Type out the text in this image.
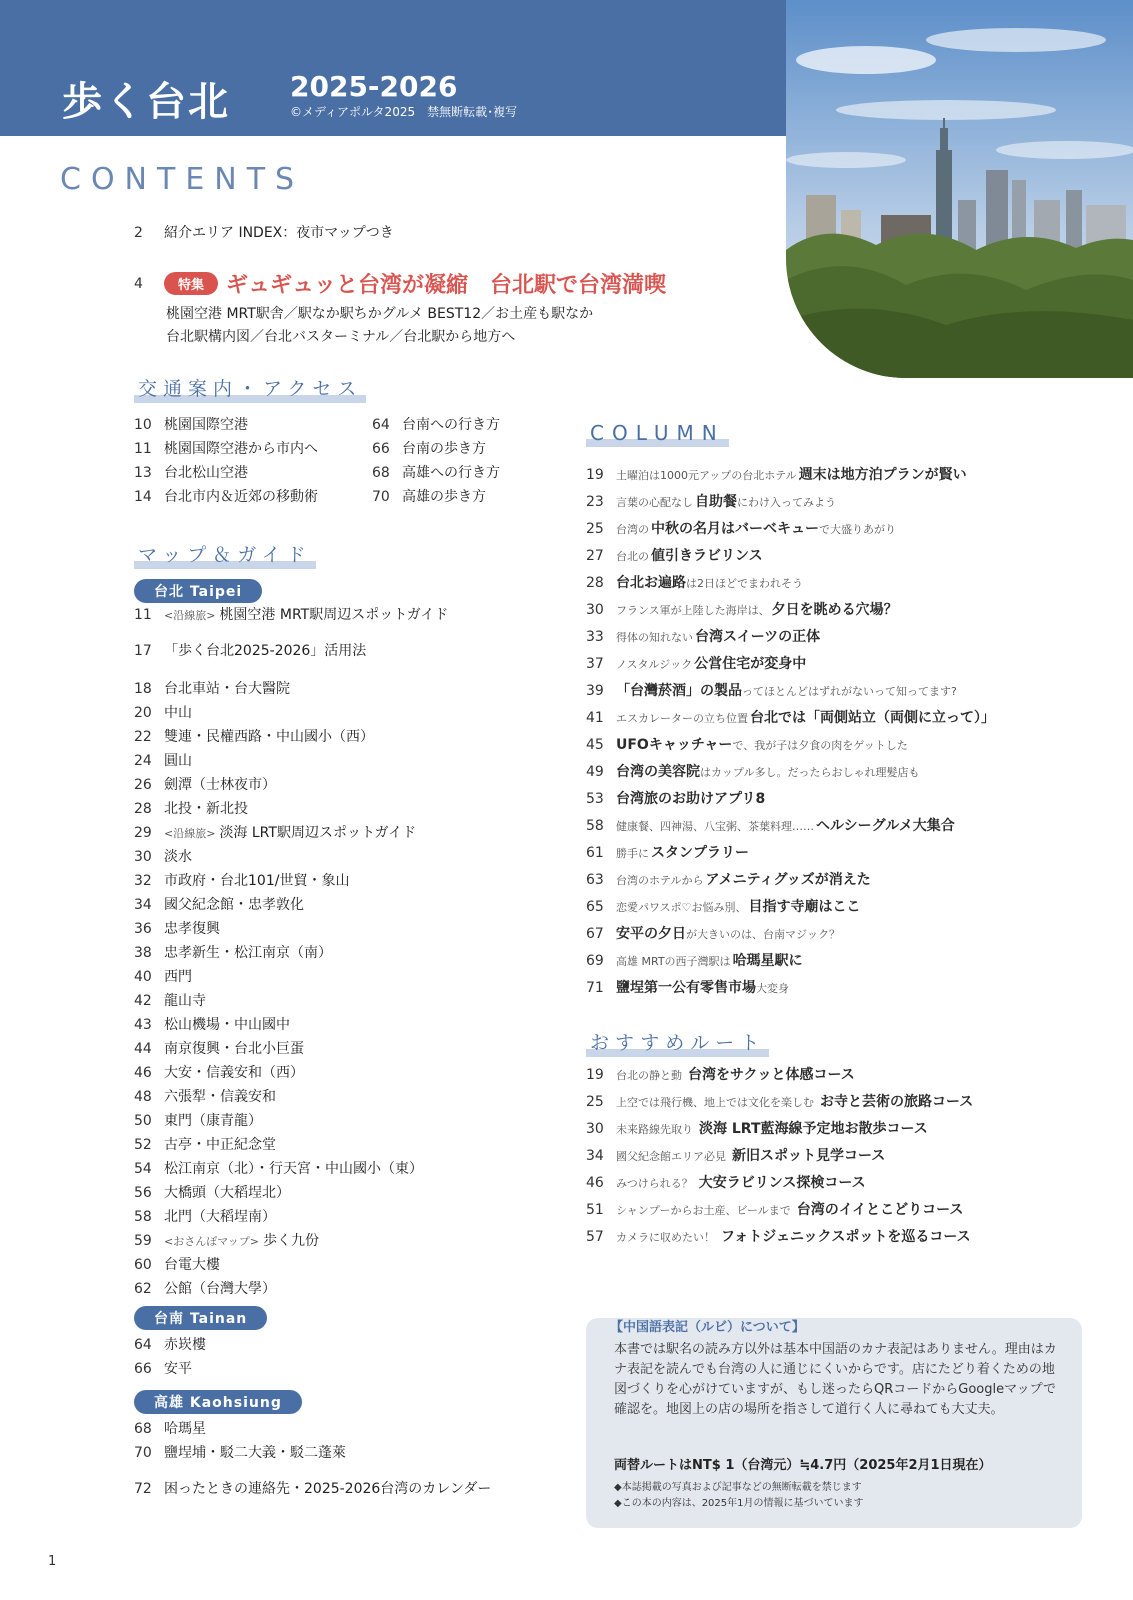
歩く台北 2025-2026
©メディアポルタ2025　禁無断転載･複写
CONTENTS
2	紹介エリア INDEX：夜市マップつき
4	特集	ギュギュッと台湾が凝縮　台北駅で台湾満喫
桃園空港 MRT駅舎／駅なか駅ちかグルメ BEST12／お土産も駅なか
台北駅構内図／台北バスターミナル／台北駅から地方へ
交通案内・アクセス
10 桃園国際空港
11 桃園国際空港から市内へ
13 台北松山空港
14 台北市内＆近郊の移動術
64 台南への行き方
66 台南の歩き方
68 高雄への行き方
70 高雄の歩き方
マップ＆ガイド
台北 Taipei
11	<沿線旅> 桃園空港 MRT駅周辺スポットガイド
17 「歩く台北2025-2026」活用法
18 台北車站・台大醫院
20 中山
22 雙連・民權西路・中山國小（西）
24 圓山
26 劍潭（士林夜市）
28 北投・新北投
29	<沿線旅> 淡海 LRT駅周辺スポットガイド
30 淡水
32 市政府・台北101/世貿・象山
34 國父紀念館・忠孝敦化
36 忠孝復興
38 忠孝新生・松江南京（南）
40 西門
42 龍山寺
43 松山機場・中山國中
44 南京復興・台北小巨蛋
46 大安・信義安和（西）
48 六張犁・信義安和
50 東門（康青龍）
52 古亭・中正紀念堂
54 松江南京（北）・行天宮・中山國小（東）
56 大橋頭（大稻埕北）
58 北門（大稻埕南）
59	<おさんぽマップ> 歩く九份
60 台電大樓
62 公館（台灣大學）
台南 Tainan
64 赤崁樓
66 安平
高雄 Kaohsiung
68 哈瑪星
70 鹽埕埔・駁二大義・駁二蓬萊
72 困ったときの連絡先・2025-2026台湾のカレンダー
COLUMN
19	土曜泊は1000元アップの台北ホテル 週末は地方泊プランが賢い
23	言葉の心配なし 自助餐 にわけ入ってみよう
25	台湾の 中秋の名月はバーベキュー で大盛りあがり
27	台北の 値引きラビリンス
28 台北お遍路 は2日ほどでまわれそう
30	フランス軍が上陸した海岸は、 夕日を眺める穴場？
33	得体の知れない 台湾スイーツの正体
37	ノスタルジック 公営住宅が変身中
39 「台灣菸酒」の製品 ってほとんどはずれがないって知ってます?
41	エスカレーターの立ち位置 台北では「両側站立（両側に立って）」
45 UFOキャッチャー で、我が子は夕食の肉をゲットした
49 台湾の美容院 はカップル多し。だったらおしゃれ理髪店も
53 台湾旅のお助けアプリ8
58	健康餐、四神湯、八宝粥、茶葉料理…… ヘルシーグルメ大集合
61	勝手に スタンプラリー
63	台湾のホテルから アメニティグッズが消えた
65	恋愛パワスポ♡お悩み別、 目指す寺廟はここ
67 安平の夕日 が大きいのは、台南マジック？
69	高雄 MRTの西子灣駅は 哈瑪星駅に
71 鹽埕第一公有零售市場 大変身
おすすめルート
19	台北の静と動 台湾をサクッと体感コース
25	上空では飛行機、地上では文化を楽しむ お寺と芸術の旅路コース
30	未来路線先取り 淡海 LRT藍海線予定地お散歩コース
34	國父紀念館エリア必見 新旧スポット見学コース
46	みつけられる？ 大安ラビリンス探検コース
51	シャンプーからお土産、ビールまで 台湾のイイとこどりコース
57	カメラに収めたい！ フォトジェニックスポットを巡るコース
【中国語表記（ルビ）について】
本書では駅名の読み方以外は基本中国語のカナ表記はありません。理由はカナ表記を読んでも台湾の人に通じにくいからです。店にたどり着くための地図づくりを心がけていますが、もし迷ったらQRコードからGoogleマップで確認を。地図上の店の場所を指さして道行く人に尋ねても大丈夫。
両替ルートはNT$ 1（台湾元）≒4.7円（2025年2月1日現在）
◆本誌掲載の写真および記事などの無断転載を禁じます
◆この本の内容は、2025年1月の情報に基づいています
1
